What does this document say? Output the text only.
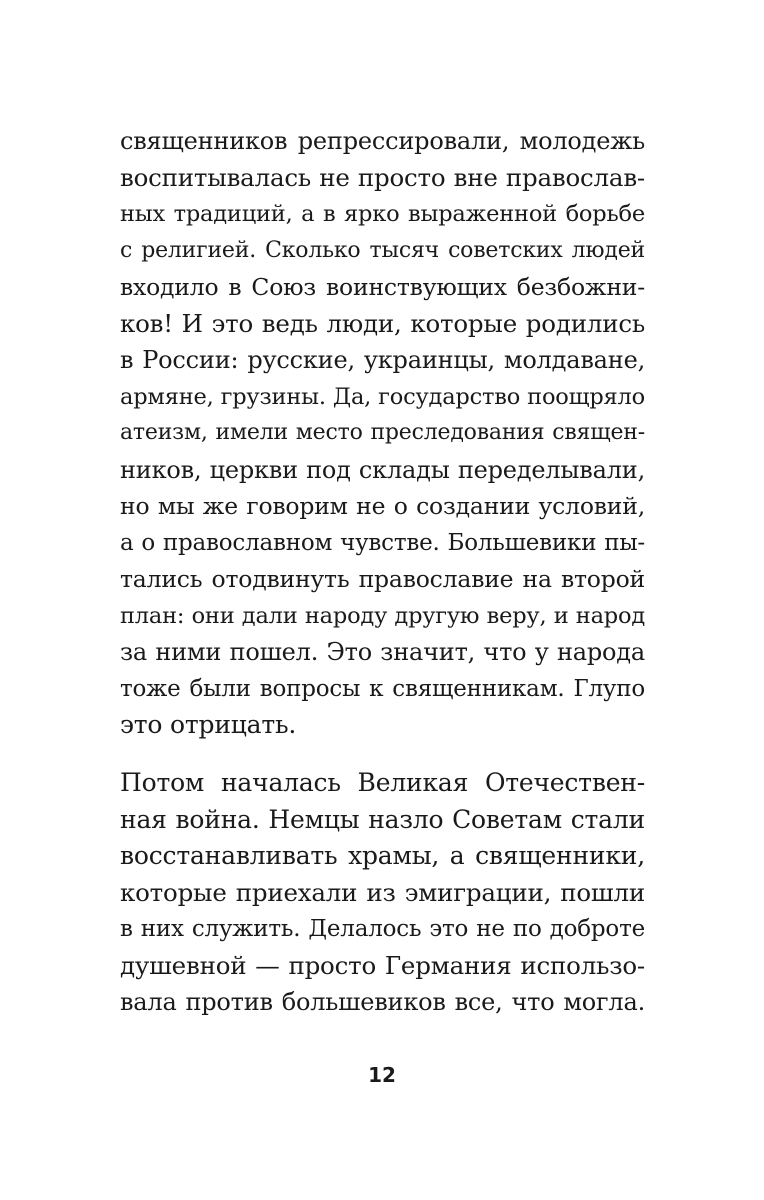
священников репрессировали, молодежь
воспитывалась не просто вне православ-
ных традиций, а в ярко выраженной борьбе
с религией. Сколько тысяч советских людей
входило в Союз воинствующих безбожни-
ков! И это ведь люди, которые родились
в России: русские, украинцы, молдаване,
армяне, грузины. Да, государство поощряло
атеизм, имели место преследования священ-
ников, церкви под склады переделывали,
но мы же говорим не о создании условий,
а о православном чувстве. Большевики пы-
тались отодвинуть православие на второй
план: они дали народу другую веру, и народ
за ними пошел. Это значит, что у народа
тоже были вопросы к священникам. Глупо
это отрицать.
Потом началась Великая Отечествен-
ная война. Немцы назло Советам стали
восстанавливать храмы, а священники,
которые приехали из эмиграции, пошли
в них служить. Делалось это не по доброте
душевной — просто Германия использо-
вала против большевиков все, что могла.
12
